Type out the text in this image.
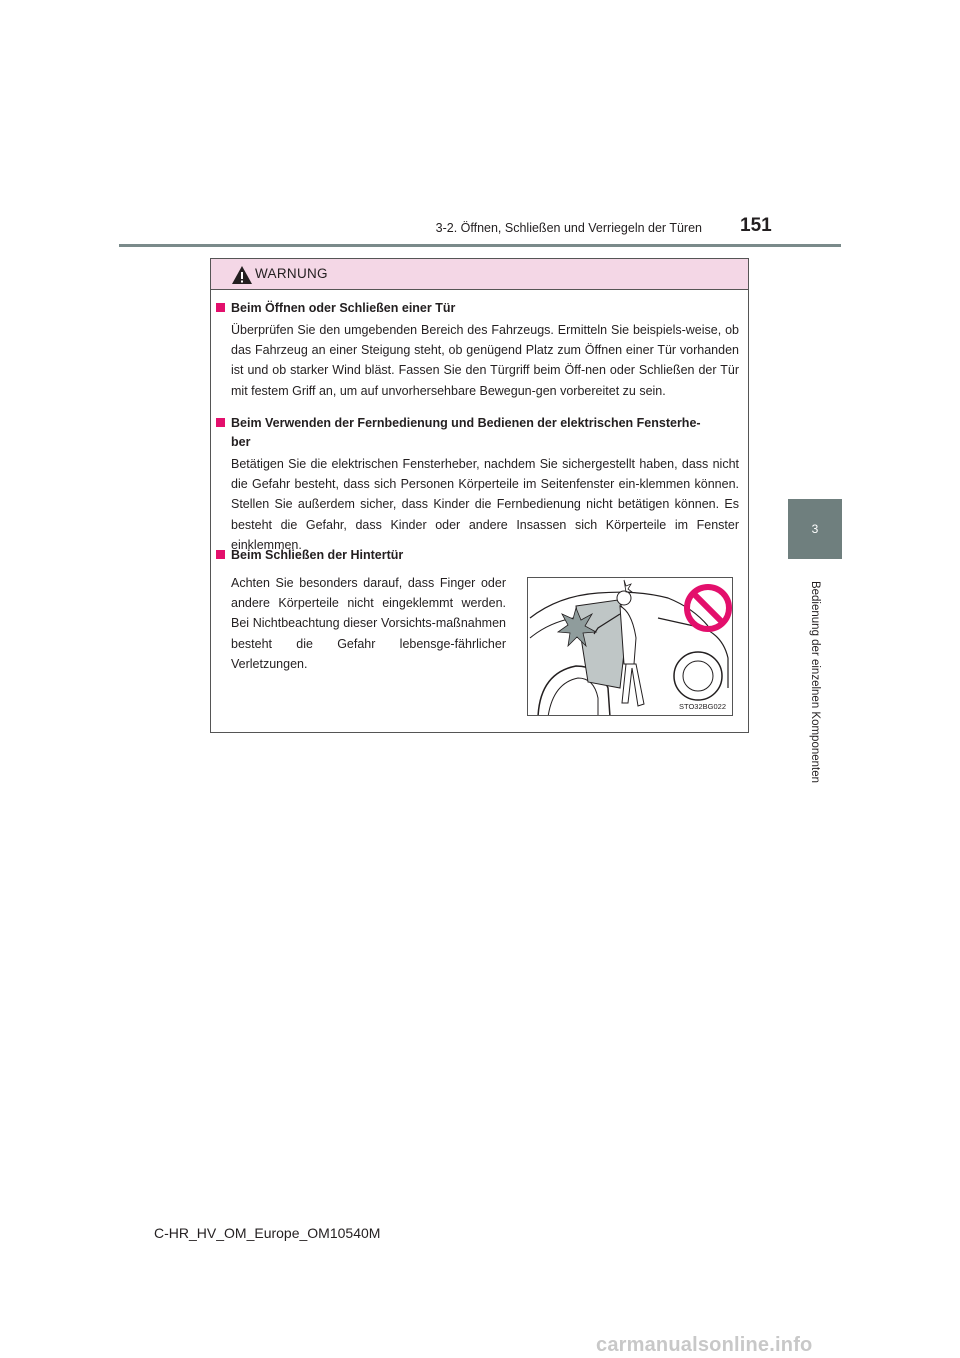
3-2. Öffnen, Schließen und Verriegeln der Türen 151
3
Bedienung der einzelnen Komponenten
WARNUNG
Beim Öffnen oder Schließen einer Tür
Überprüfen Sie den umgebenden Bereich des Fahrzeugs. Ermitteln Sie beispiels-weise, ob das Fahrzeug an einer Steigung steht, ob genügend Platz zum Öffnen einer Tür vorhanden ist und ob starker Wind bläst. Fassen Sie den Türgriff beim Öff-nen oder Schließen der Tür mit festem Griff an, um auf unvorhersehbare Bewegun-gen vorbereitet zu sein.
Beim Verwenden der Fernbedienung und Bedienen der elektrischen Fensterhe-
ber
Betätigen Sie die elektrischen Fensterheber, nachdem Sie sichergestellt haben, dass nicht die Gefahr besteht, dass sich Personen Körperteile im Seitenfenster ein-klemmen können. Stellen Sie außerdem sicher, dass Kinder die Fernbedienung nicht betätigen können. Es besteht die Gefahr, dass Kinder oder andere Insassen sich Körperteile im Fenster einklemmen.
Beim Schließen der Hintertür
Achten Sie besonders darauf, dass Finger oder andere Körperteile nicht eingeklemmt werden. Bei Nichtbeachtung dieser Vorsichts-maßnahmen besteht die Gefahr lebensge-fährlicher Verletzungen.
STO32BG022
C-HR_HV_OM_Europe_OM10540M
carmanualsonline.info
